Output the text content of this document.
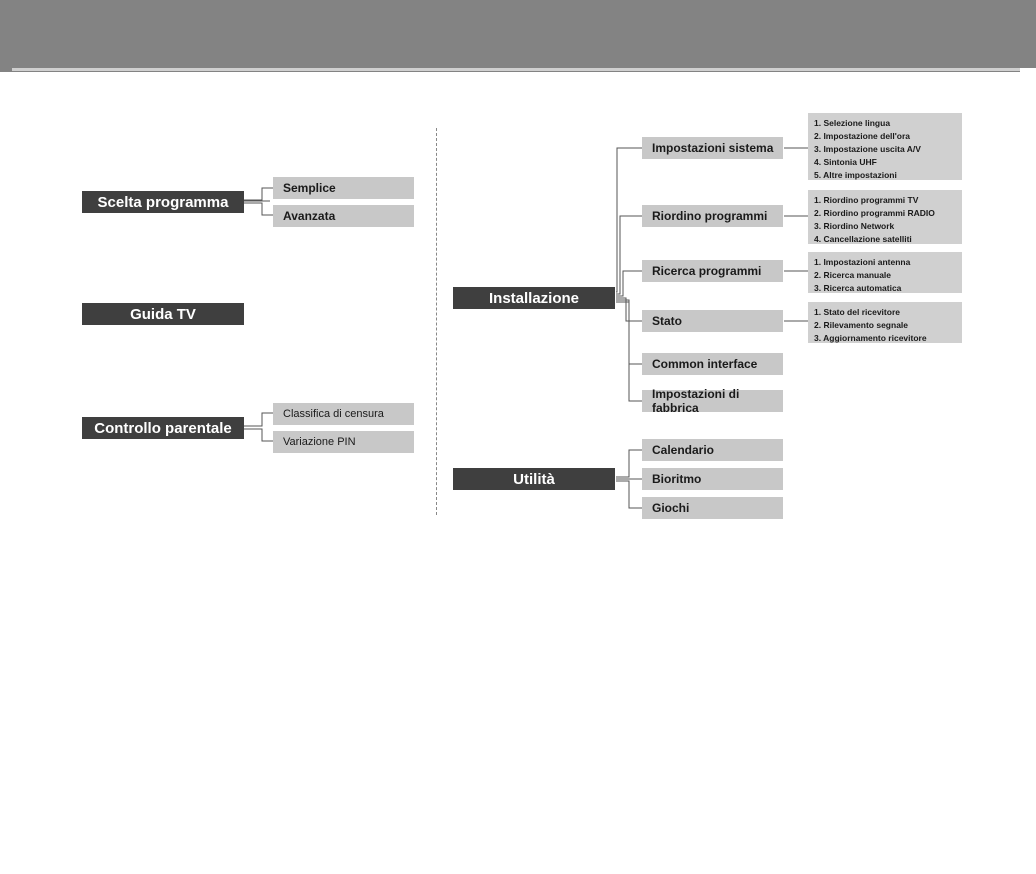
Scelta programma
Semplice
Avanzata
Guida TV
Controllo parentale
Classifica di censura
Variazione PIN
Installazione
Impostazioni sistema
Riordino programmi
Ricerca programmi
Stato
Common interface
Impostazioni di fabbrica
1. Selezione lingua
2. Impostazione dell'ora
3. Impostazione uscita A/V
4. Sintonia UHF
5. Altre impostazioni
1. Riordino programmi TV
2. Riordino programmi RADIO
3. Riordino Network
4. Cancellazione satelliti
1. Impostazioni antenna
2. Ricerca manuale
3. Ricerca automatica
1. Stato del ricevitore
2. Rilevamento segnale
3. Aggiornamento ricevitore
Utilità
Calendario
Bioritmo
Giochi
